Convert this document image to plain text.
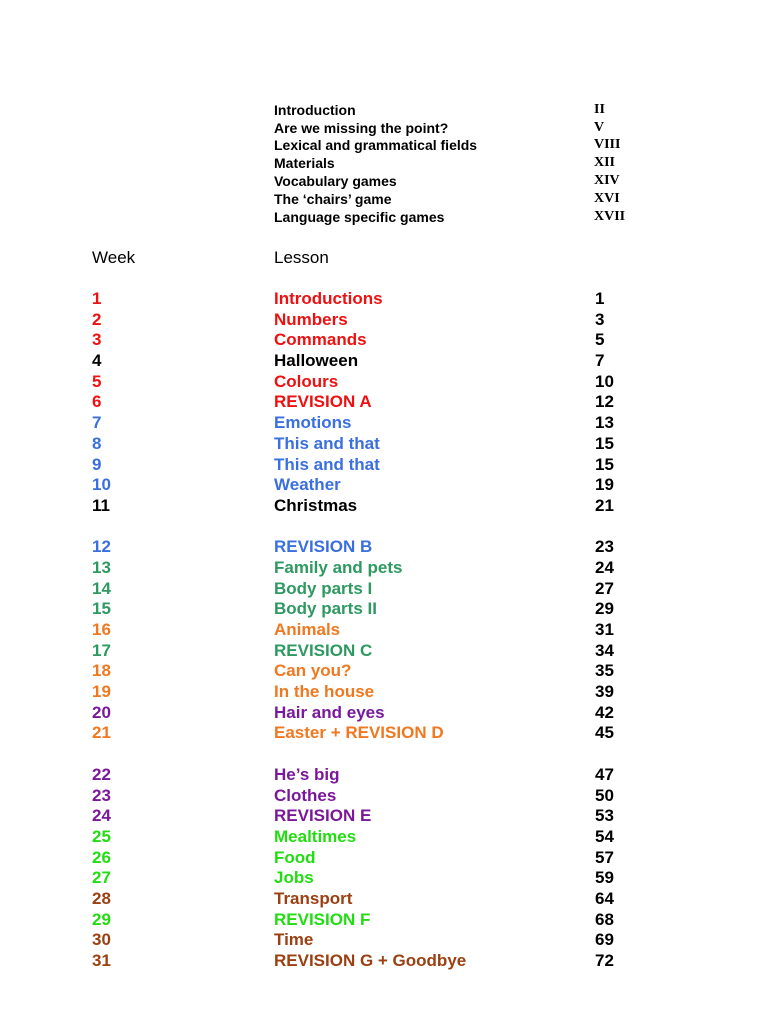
Introduction	II
Are we missing the point?	V
Lexical and grammatical fields	VIII
Materials	XII
Vocabulary games	XIV
The ‘chairs’ game	XVI
Language specific games	XVII
Week	Lesson
1	Introductions	1
2	Numbers	3
3	Commands	5
4	Halloween	7
5	Colours	10
6	REVISION A	12
7	Emotions	13
8	This and that	15
9	This and that	15
10	Weather	19
11	Christmas	21
12	REVISION B	23
13	Family and pets	24
14	Body parts I	27
15	Body parts II	29
16	Animals	31
17	REVISION C	34
18	Can you?	35
19	In the house	39
20	Hair and eyes	42
21	Easter + REVISION D	45
22	He’s big	47
23	Clothes	50
24	REVISION E	53
25	Mealtimes	54
26	Food	57
27	Jobs	59
28	Transport	64
29	REVISION F	68
30	Time	69
31	REVISION G + Goodbye	72
